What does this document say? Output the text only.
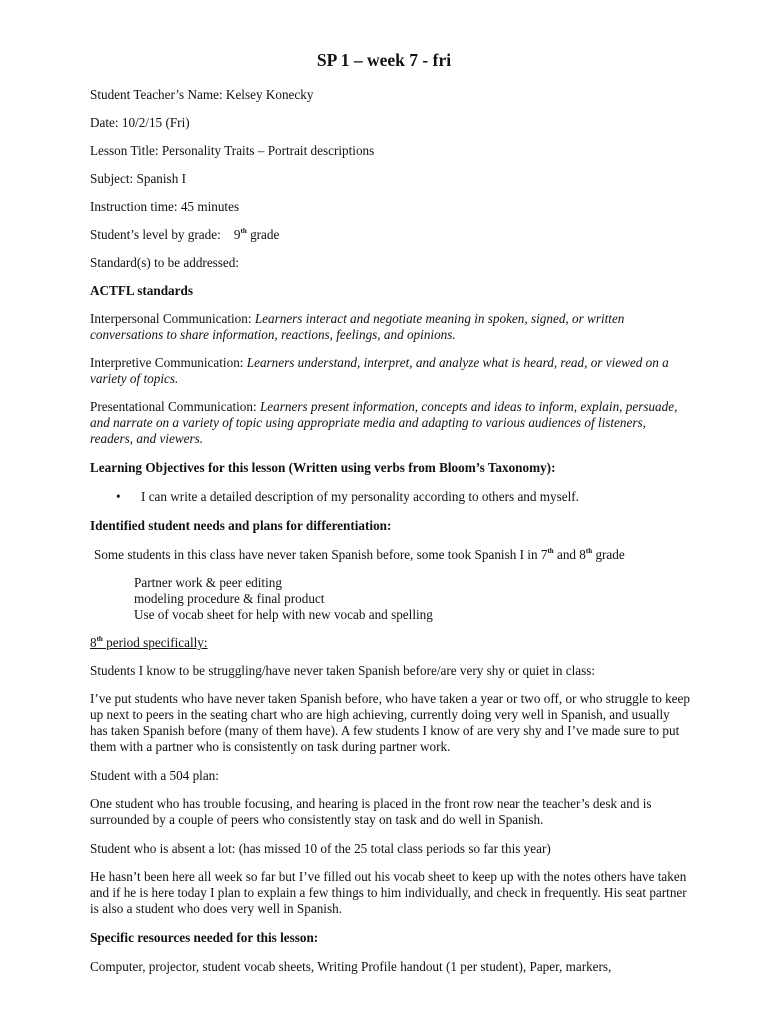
SP 1 – week 7 - fri
Student Teacher’s Name: Kelsey Konecky
Date: 10/2/15 (Fri)
Lesson Title: Personality Traits – Portrait descriptions
Subject: Spanish I
Instruction time: 45 minutes
Student’s level by grade:    9th grade
Standard(s) to be addressed:
ACTFL standards
Interpersonal Communication: Learners interact and negotiate meaning in spoken, signed, or written conversations to share information, reactions, feelings, and opinions.
Interpretive Communication: Learners understand, interpret, and analyze what is heard, read, or viewed on a variety of topics.
Presentational Communication: Learners present information, concepts and ideas to inform, explain, persuade, and narrate on a variety of topic using appropriate media and adapting to various audiences of listeners, readers, and viewers.
Learning Objectives for this lesson (Written using verbs from Bloom’s Taxonomy):
• I can write a detailed description of my personality according to others and myself.
Identified student needs and plans for differentiation:
Some students in this class have never taken Spanish before, some took Spanish I in 7th and 8th grade
Partner work & peer editing
modeling procedure & final product
Use of vocab sheet for help with new vocab and spelling
8th period specifically:
Students I know to be struggling/have never taken Spanish before/are very shy or quiet in class:
I’ve put students who have never taken Spanish before, who have taken a year or two off, or who struggle to keep up next to peers in the seating chart who are high achieving, currently doing very well in Spanish, and usually has taken Spanish before (many of them have). A few students I know of are very shy and I’ve made sure to put them with a partner who is consistently on task during partner work.
Student with a 504 plan:
One student who has trouble focusing, and hearing is placed in the front row near the teacher’s desk and is surrounded by a couple of peers who consistently stay on task and do well in Spanish.
Student who is absent a lot: (has missed 10 of the 25 total class periods so far this year)
He hasn’t been here all week so far but I’ve filled out his vocab sheet to keep up with the notes others have taken and if he is here today I plan to explain a few things to him individually, and check in frequently. His seat partner is also a student who does very well in Spanish.
Specific resources needed for this lesson:
Computer, projector, student vocab sheets, Writing Profile handout (1 per student), Paper, markers,
